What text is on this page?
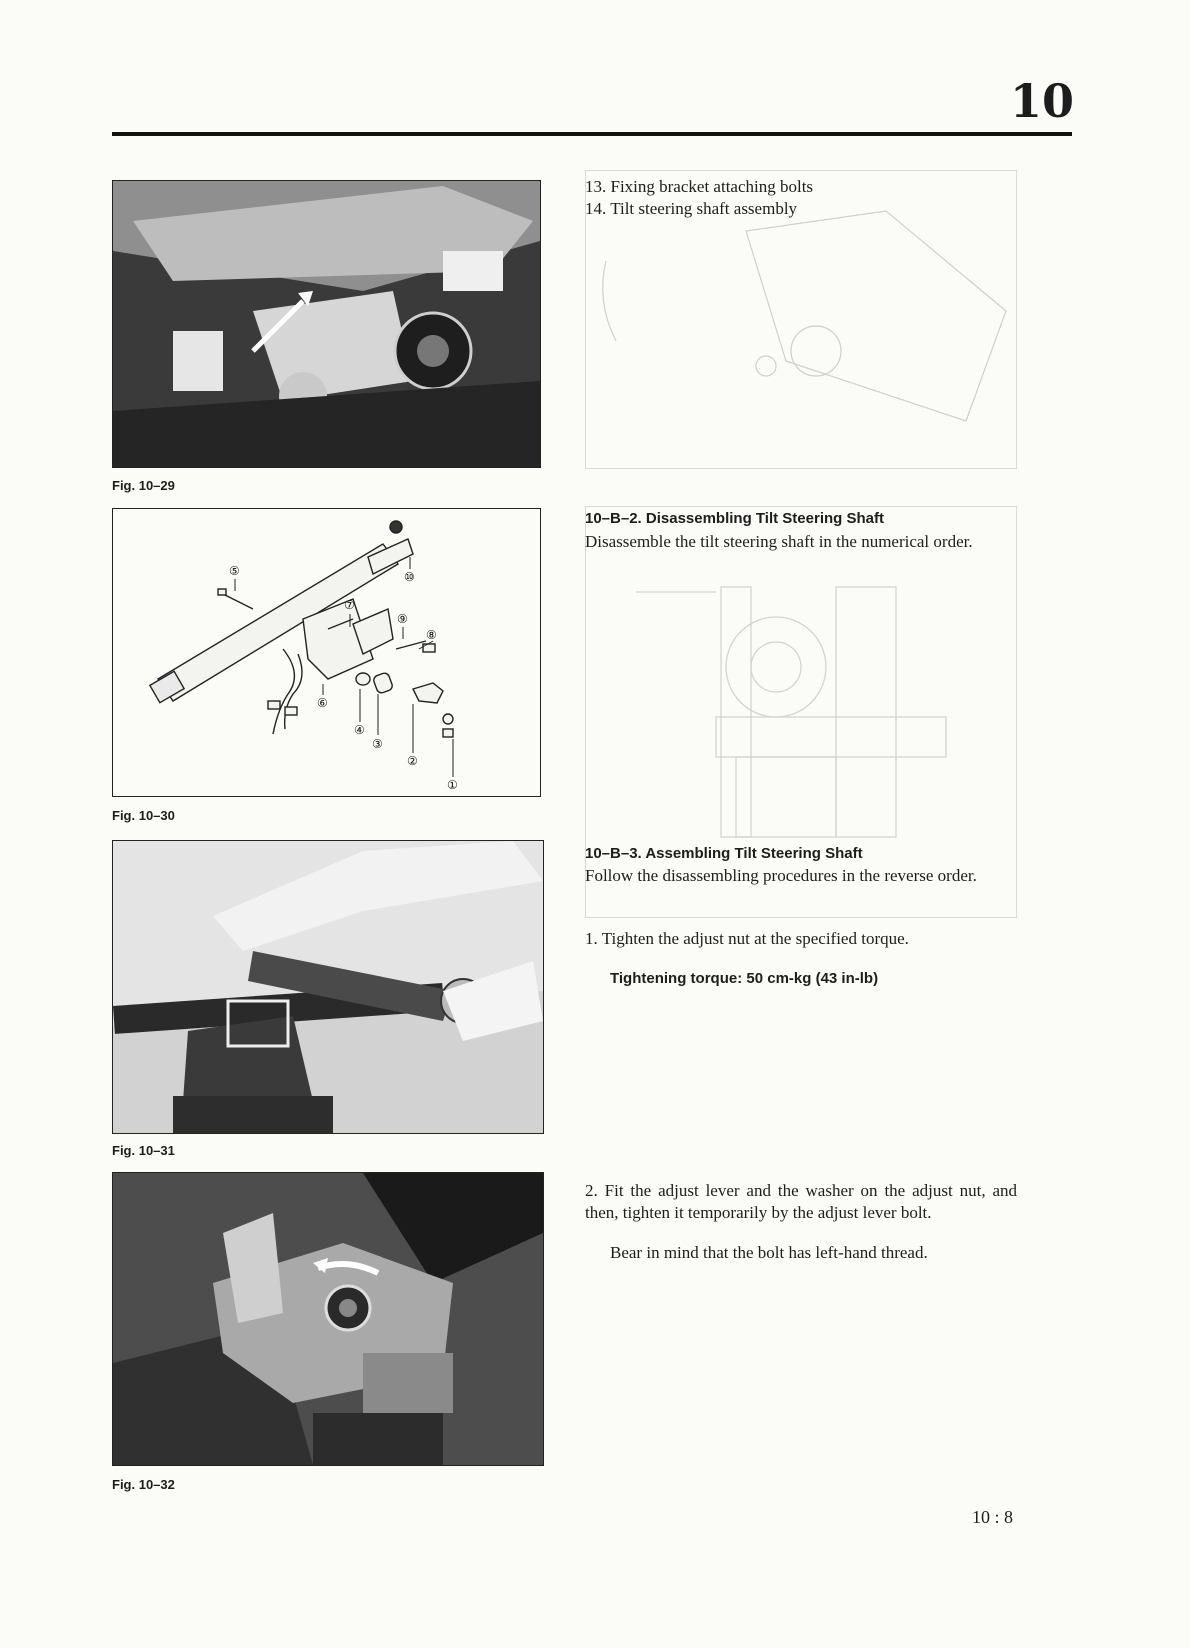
10
Fig. 10–29
⑤
⑦
⑨
⑧
⑥
④
③
②
①
⑩
Fig. 10–30
Fig. 10–31
Fig. 10–32
13. Fixing bracket attaching bolts
14. Tilt steering shaft assembly
10–B–2. Disassembling Tilt Steering Shaft
Disassemble the tilt steering shaft in the numerical order.
10–B–3. Assembling Tilt Steering Shaft
Follow the disassembling procedures in the reverse order.
1. Tighten the adjust nut at the specified torque.
Tightening torque: 50 cm-kg (43 in-lb)
2. Fit the adjust lever and the washer on the adjust nut, and then, tighten it temporarily by the adjust lever bolt.
Bear in mind that the bolt has left-hand thread.
10 : 8
